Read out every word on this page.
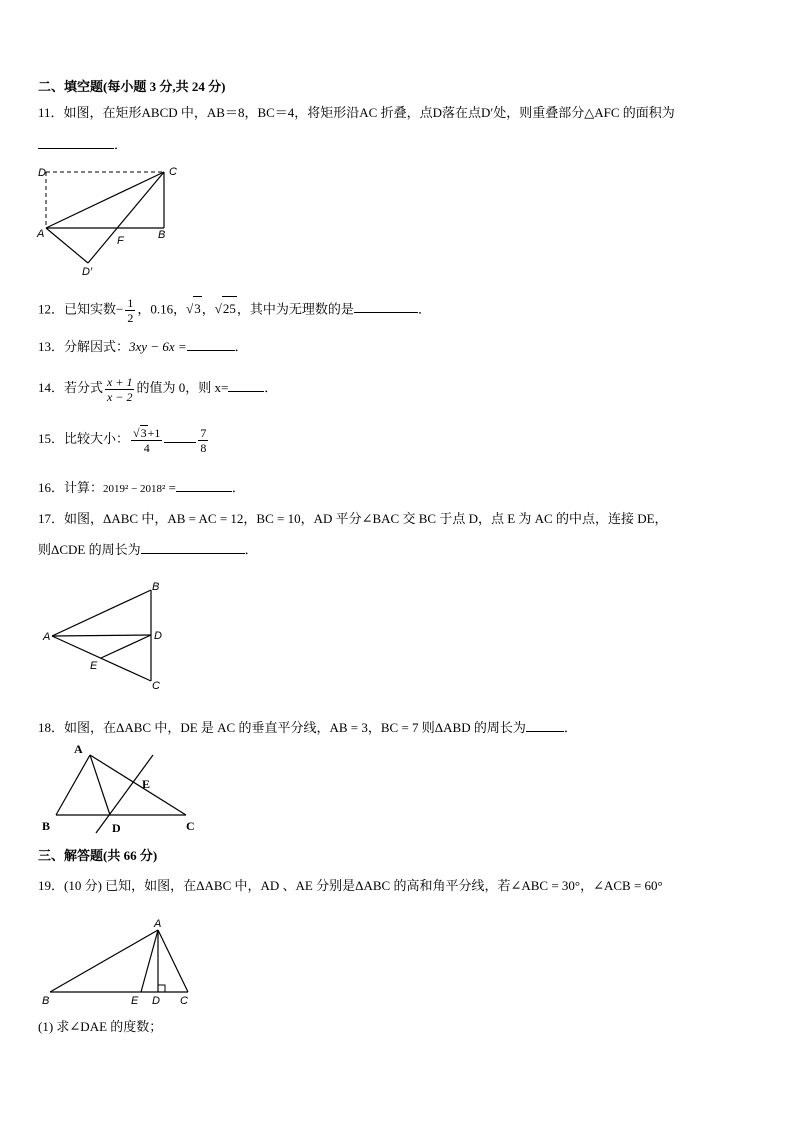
二、填空题(每小题 3 分,共 24 分)
11．如图，在矩形ABCD 中，AB＝8，BC＝4，将矩形沿AC 折叠，点D落在点D′处，则重叠部分△AFC 的面积为
．
D	C
A
F	B
D′
12．已知实数− $\frac{1}{2}$ ，0.16，√3，√25，其中为无理数的是	．
13．分解因式：3xy − 6x =	．
14．若分式 $\frac{x + 1}{x - 2}$ 的值为 0，则 x=	．
15．比较大小： $\frac{√3+1}{4}$	$\frac{7}{8}$
16．计算：2019² − 2018² =	．
17．如图，ΔABC 中，AB = AC = 12，BC = 10，AD 平分∠BAC 交 BC 于点 D，点 E 为 AC 的中点，连接 DE，
则ΔCDE 的周长为	．
B
A	D
E
C
18．如图，在ΔABC 中，DE 是 AC 的垂直平分线，AB = 3，BC = 7 则ΔABD 的周长为	．
A
E
B	D	C
三、解答题(共 66 分)
19．(10 分) 已知，如图，在ΔABC 中，AD 、AE 分别是ΔABC 的高和角平分线，若∠ABC = 30°，∠ACB = 60°
A
B	E D C
(1) 求∠DAE 的度数；
